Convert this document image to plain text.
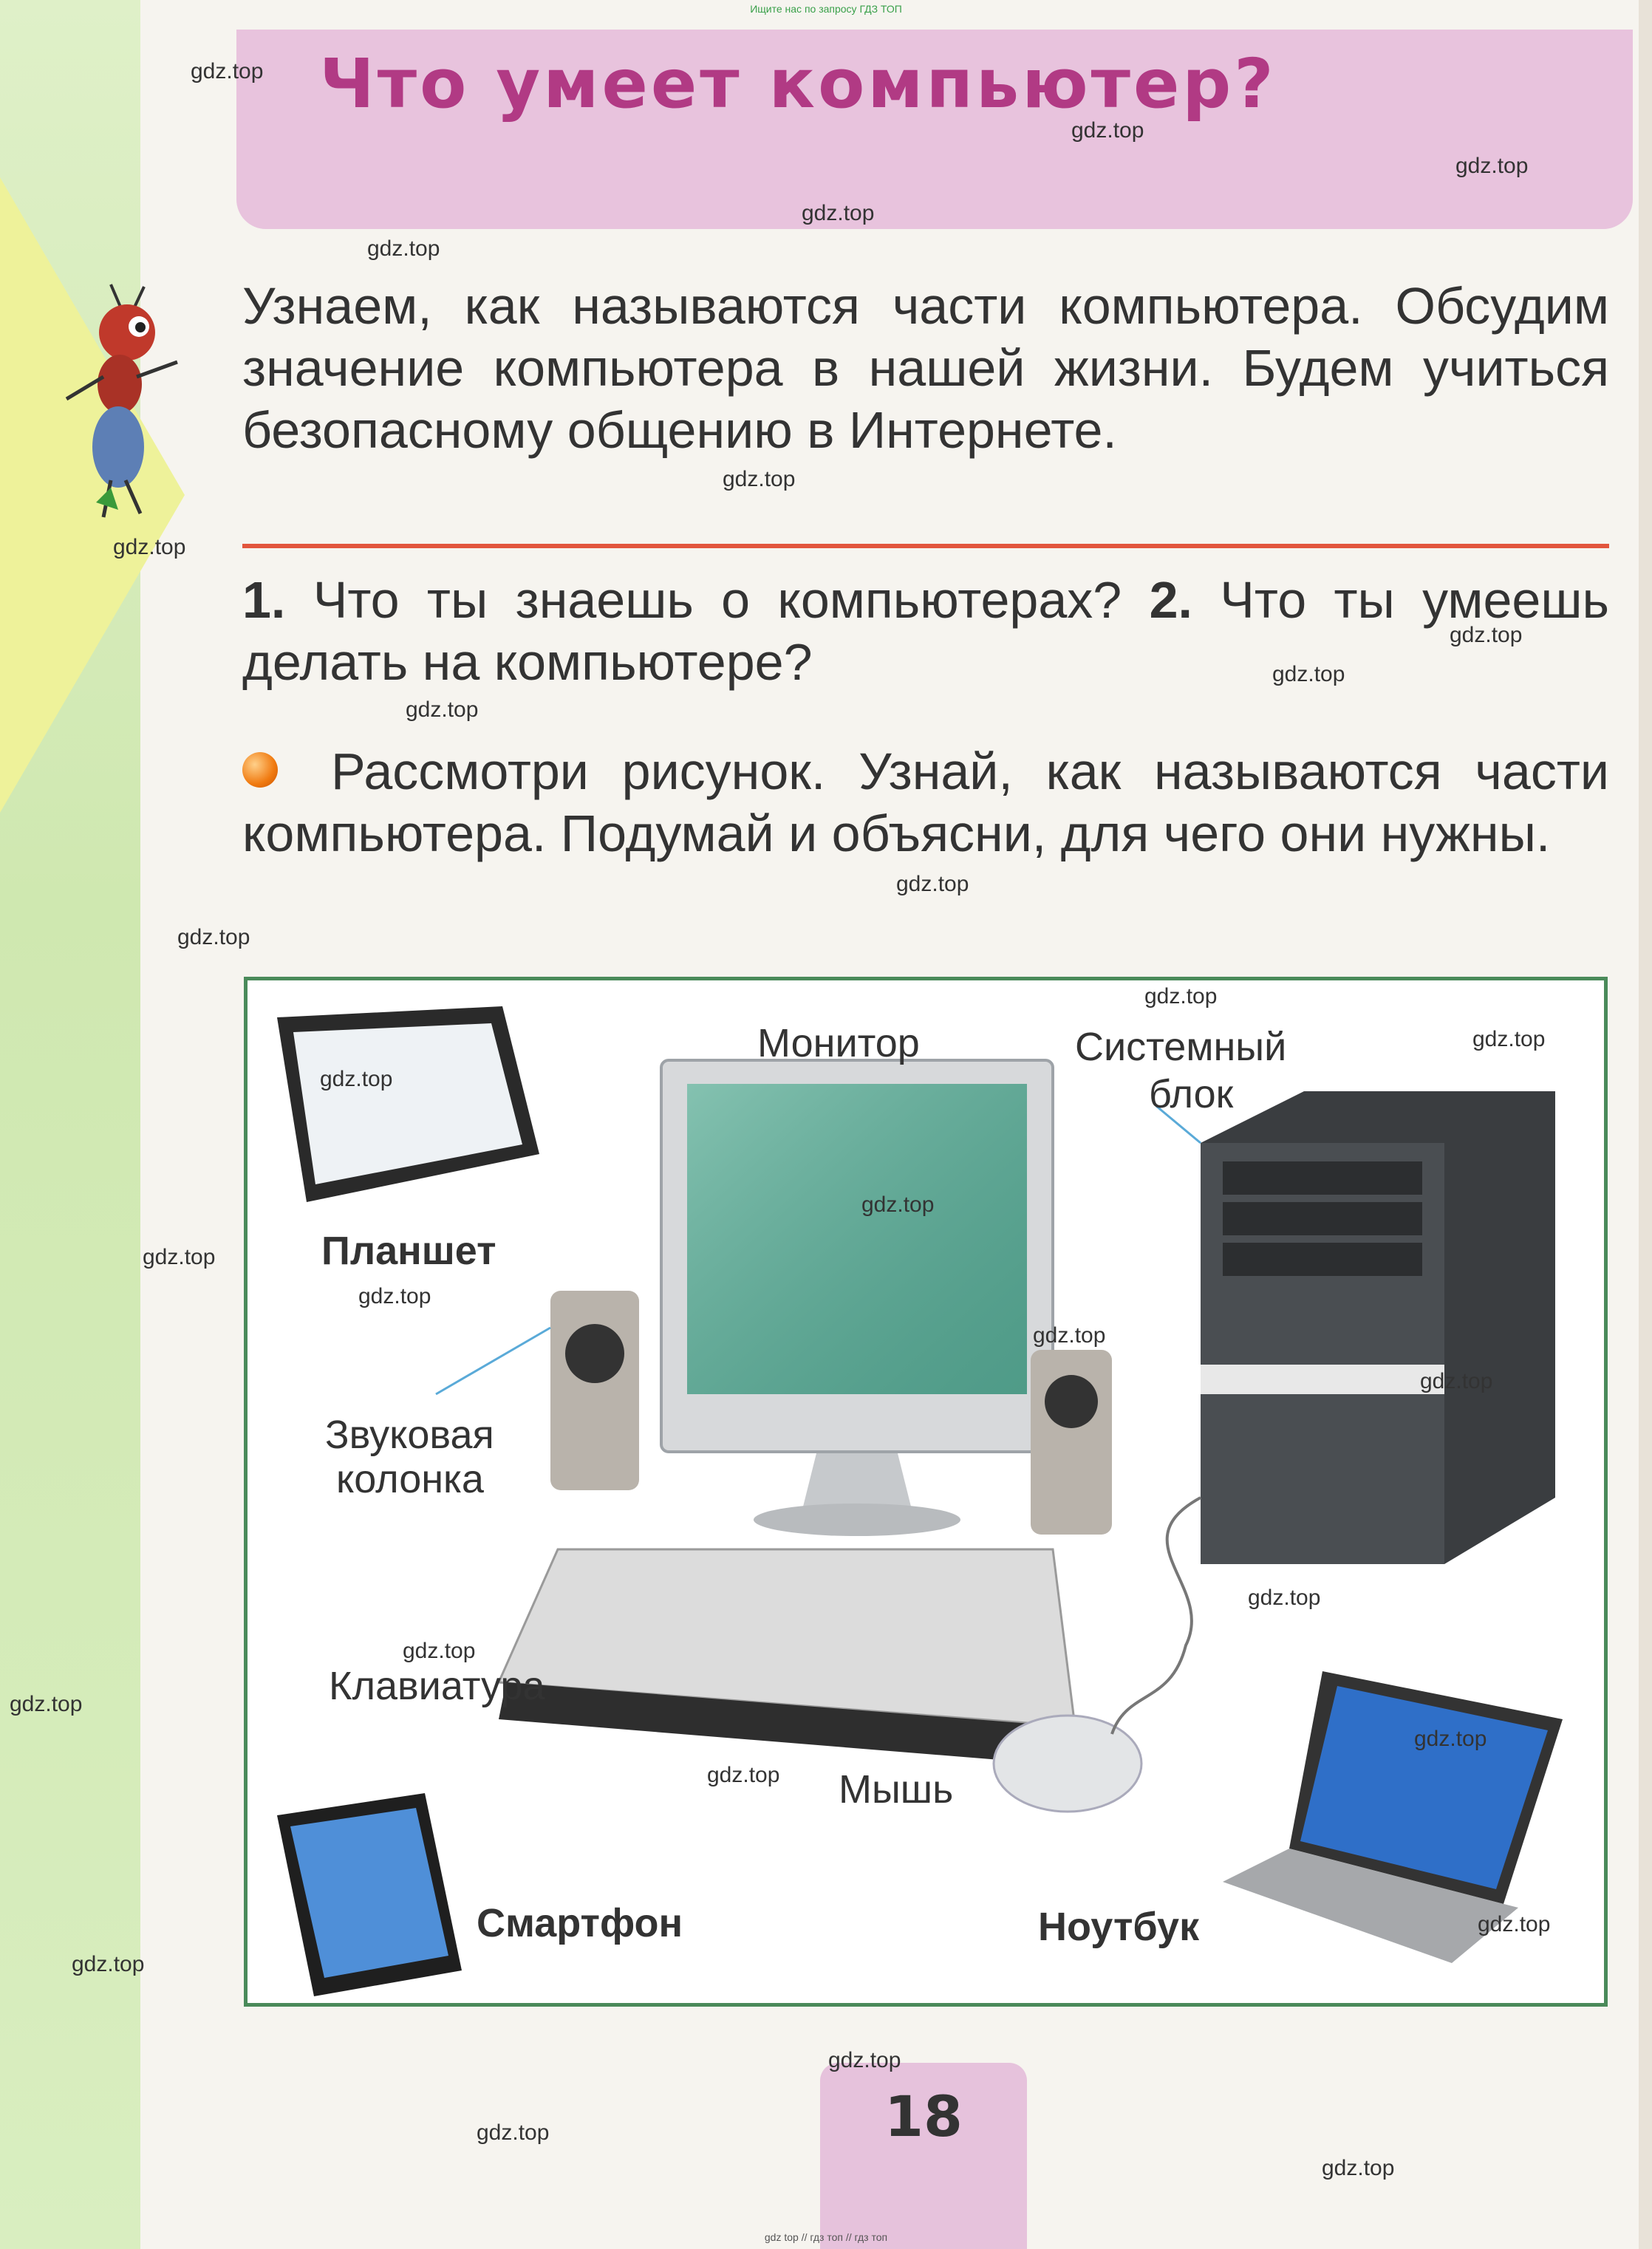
Ищите нас по запросу ГДЗ ТОП
Что умеет компьютер?
Узнаем, как называются части компьютера. Обсудим значение компьютера в нашей жизни. Будем учиться безопасному общению в Интернете.
1. Что ты знаешь о компьютерах? 2. Что ты умеешь делать на компьютере?
Рассмотри рисунок. Узнай, как называются части компьютера. Подумай и объясни, для чего они нужны.
Монитор	Системный
блок
Планшет
Звуковая
колонка
Клавиатура
Мышь
Смартфон	Ноутбук
18
gdz.top
gdz.top
gdz.top
gdz.top
gdz.top
gdz.top
gdz.top
gdz.top
gdz.top
gdz.top
gdz.top
gdz.top
gdz.top
gdz.top
gdz.top
gdz.top
gdz.top
gdz.top
gdz.top
gdz.top
gdz.top
gdz.top
gdz.top
gdz.top
gdz.top
gdz.top
gdz.top
gdz.top
gdz.top
gdz.top
gdz top // гдз топ // гдз топ
